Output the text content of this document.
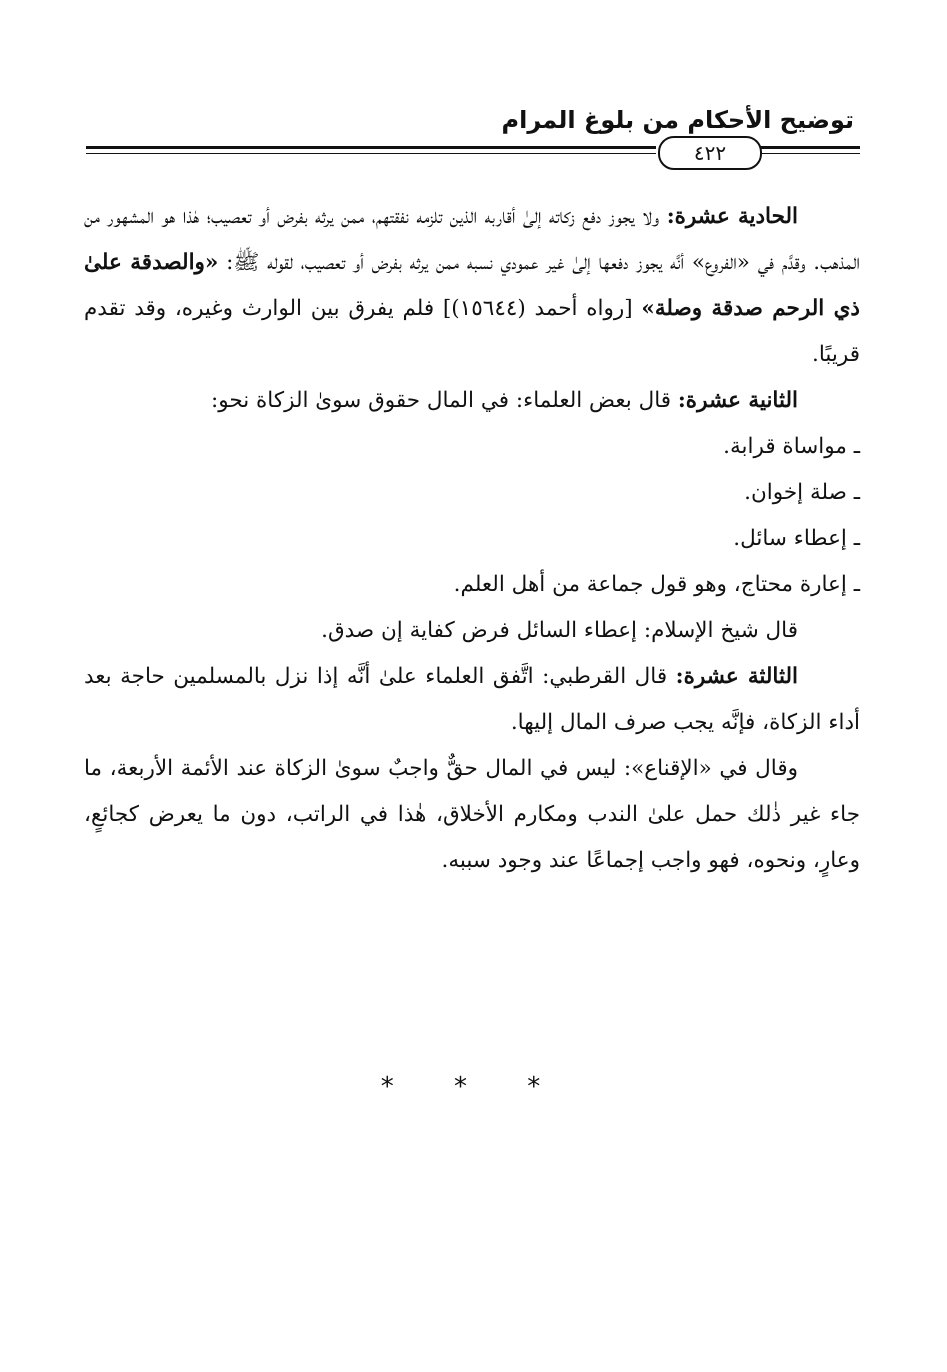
توضيح الأحكام من بلوغ المرام
٤٢٢

الحادية عشرة: ولا يجوز دفع زكاته إلىٰ أقاربه الذين تلزمه نفقتهم، ممن يرثه بفرض أو تعصيب؛ هٰذا هو المشهور من المذهب. وقدَّم في «الفروع» أنَّه يجوز دفعها إلىٰ غير عمودي نسبه ممن يرثه بفرض أو تعصيب، لقوله ﷺ: «والصدقة علىٰ ذي الرحم صدقة وصلة» [رواه أحمد (١٥٦٤٤)] فلم يفرق بين الوارث وغيره، وقد تقدم قريبًا.

الثانية عشرة: قال بعض العلماء: في المال حقوق سوىٰ الزكاة نحو:

ـ مواساة قرابة.

ـ صلة إخوان.

ـ إعطاء سائل.

ـ إعارة محتاج، وهو قول جماعة من أهل العلم.

قال شيخ الإسلام: إعطاء السائل فرض كفاية إن صدق.

الثالثة عشرة: قال القرطبي: اتَّفق العلماء علىٰ أنَّه إذا نزل بالمسلمين حاجة بعد أداء الزكاة، فإنَّه يجب صرف المال إليها.

وقال في «الإقناع»: ليس في المال حقٌّ واجبٌ سوىٰ الزكاة عند الأئمة الأربعة، ما جاء غير ذٰلك حمل علىٰ الندب ومكارم الأخلاق، هٰذا في الراتب، دون ما يعرض كجائعٍ، وعارٍ، ونحوه، فهو واجب إجماعًا عند وجود سببه.

* * *
